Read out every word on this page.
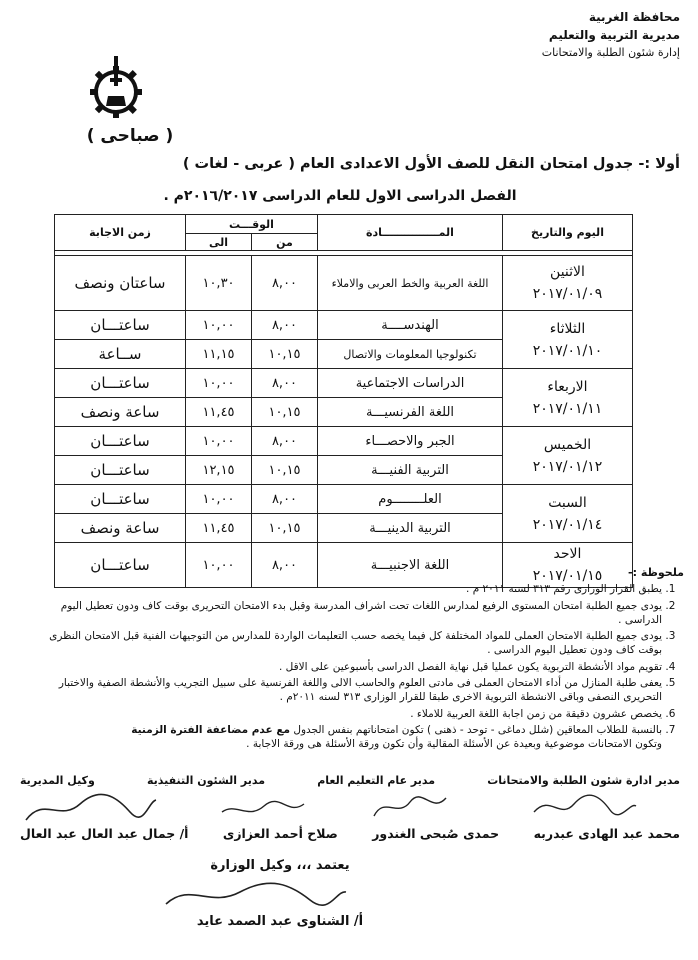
محافظة الغربية
مديرية التربية والتعليم
إدارة شئون الطلبة والامتحانات
( صباحى )
أولا :- جدول امتحان النقل للصف الأول الاعدادى العام ( عربى - لغات )
الفصل الدراسى الاول للعام الدراسى ٢٠١٦/٢٠١٧م .
اليوم والتاريخ	المـــــــــــــــادة	الوقـــت		زمن الاجابة
		من	الى	

الاثنين
٢٠١٧/٠١/٠٩	اللغة العربية والخط العربى والاملاء	٨,٠٠	١٠,٣٠	ساعتان ونصف

الثلاثاء
٢٠١٧/٠١/١٠	الهندســــة	٨,٠٠	١٠,٠٠	ساعتـــان
	تكنولوجيا المعلومات والاتصال	١٠,١٥	١١,١٥	ســاعة

الاربعاء
٢٠١٧/٠١/١١	الدراسات الاجتماعية	٨,٠٠	١٠,٠٠	ساعتـــان
	اللغة الفرنسيـــة	١٠,١٥	١١,٤٥	ساعة ونصف

الخميس
٢٠١٧/٠١/١٢	الجبر والاحصـــاء	٨,٠٠	١٠,٠٠	ساعتـــان
	التربية الفنيـــة	١٠,١٥	١٢,١٥	ساعتـــان

السبت
٢٠١٧/٠١/١٤	العلــــــــوم	٨,٠٠	١٠,٠٠	ساعتـــان
	التربية الدينيـــة	١٠,١٥	١١,٤٥	ساعة ونصف

الاحد
٢٠١٧/٠١/١٥	اللغة الاجنبيـــة	٨,٠٠	١٠,٠٠	ساعتـــان	ملحوظة :-
1. يطبق القرار الوزارى رقم ٣١٣ لسنه ٢٠١١ م .
2. يودى جميع الطلبة امتحان المستوى الرفيع لمدارس اللغات تحت اشراف المدرسة وقبل بدء الامتحان التحريرى بوقت كاف ودون تعطيل اليوم الدراسى .
3. يودى جميع الطلبة الامتحان العملى للمواد المختلفة كل فيما يخصه حسب التعليمات الواردة للمدارس من التوجيهات الفنية قبل الامتحان النظرى بوقت كاف ودون تعطيل اليوم الدراسى .
4. تقويم مواد الأنشطة التربوية يكون عمليا قبل نهاية الفصل الدراسى بأسبوعين على الاقل .
5. يعفى طلبة المنازل من أداء الامتحان العملى فى مادتى العلوم والحاسب الالى واللغة الفرنسية على سبيل التجريب والأنشطة الصفية والاختبار التحريرى النصفى وباقى الانشطة التربوية الاخرى طبقا للقرار الوزارى ٣١٣ لسنه ٢٠١١م .
6. يخصص عشرون دقيقة من زمن اجابة اللغة العربية للاملاء .
7. بالنسبة للطلاب المعاقين (شلل دماغى - توحد - ذهنى ) تكون امتحاناتهم بنفس الجدول مع عدم مضاعفة الفترة الزمنية
وتكون الامتحانات موضوعية وبعيدة عن الأسئلة المقالية وأن تكون ورقة الأسئلة هى ورقة الاجابة .
مدير ادارة شئون الطلبة والامتحانات
مدير عام التعليم العام
مدير الشئون التنفيذية
وكيل المديرية
محمد عبد الهادى عبدربه
حمدى صُبحى الغندور
صلاح أحمد العزازى
أ/ جمال عبد العال عبد العال
يعتمد ،،، وكيل الوزارة
أ/ الشناوى عبد الصمد عايد
